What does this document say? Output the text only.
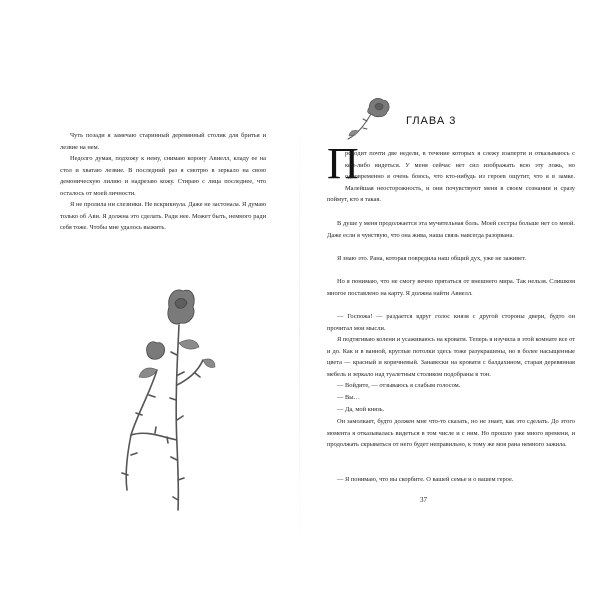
Чуть позади я замечаю старинный деревянный столик для бритья и лезвие на нем.

Недолго думая, подхожу к нему, снимаю корону Авиелл, кладу ее на стол и хватаю лезвие. В последний раз я смотрю в зеркало на свою демоническую лилию и надрезаю кожу. Стираю с лица последнее, что осталось от моей личности.

Я не пролила ни слезинки. Не вскрикнула. Даже не застонала. Я думаю только об Ави. Я должна это сделать. Ради нее. Может быть, немного ради себя тоже. Чтобы мне удалось выжить.

ГЛАВА 3
П

роходит почти две недели, в течение которых я слежу взаперти и отказываюсь с кем-либо видеться. У меня сейчас нет сил изображать всю эту ложь, но одновременно я очень боюсь, что кто-нибудь из героев ощутит, что я в замке. Малейшая неосторожность, и они почувствуют меня в своем сознании и сразу поймут, кто я такая.

В душе у меня продолжается эта мучительная боль. Моей сестры больше нет со мной. Даже если я чувствую, что она жива, наша связь навсегда разорвана.

Я знаю это. Рана, которая повредила наш общий дух, уже не заживет.

Но я понимаю, что не смогу вечно прятаться от внешнего мира. Так нельзя. Слишком многое поставлено на карту. Я должна найти Авиелл.

— Госпожа! — раздается вдруг голос князя с другой стороны двери, будто он прочитал мои мысли.

Я подтягиваю колени и усаживаюсь на кровати. Теперь я изучила в этой комнате все от и до. Как и в ванной, круглые потолки здесь тоже разукрашены, но в более насыщенные цвета — красный и коричневый. Занавески на кровати с балдахином, старая деревянная мебель и зеркало над туалетным столиком подобраны в тон.

— Войдите, — отзываюсь я слабым голосом.

— Вы…

— Да, мой князь.

Он замолкает, будто должен мне что-то сказать, но не знает, как это сделать. До этого момента я отказывалась видеться в том числе и с ним. Но прошло уже много времени, и продолжать скрываться от него будет неправильно, к тому же моя рана немного зажила.

— Я понимаю, что вы скорбите. О вашей семье и о вашем герое.

37
